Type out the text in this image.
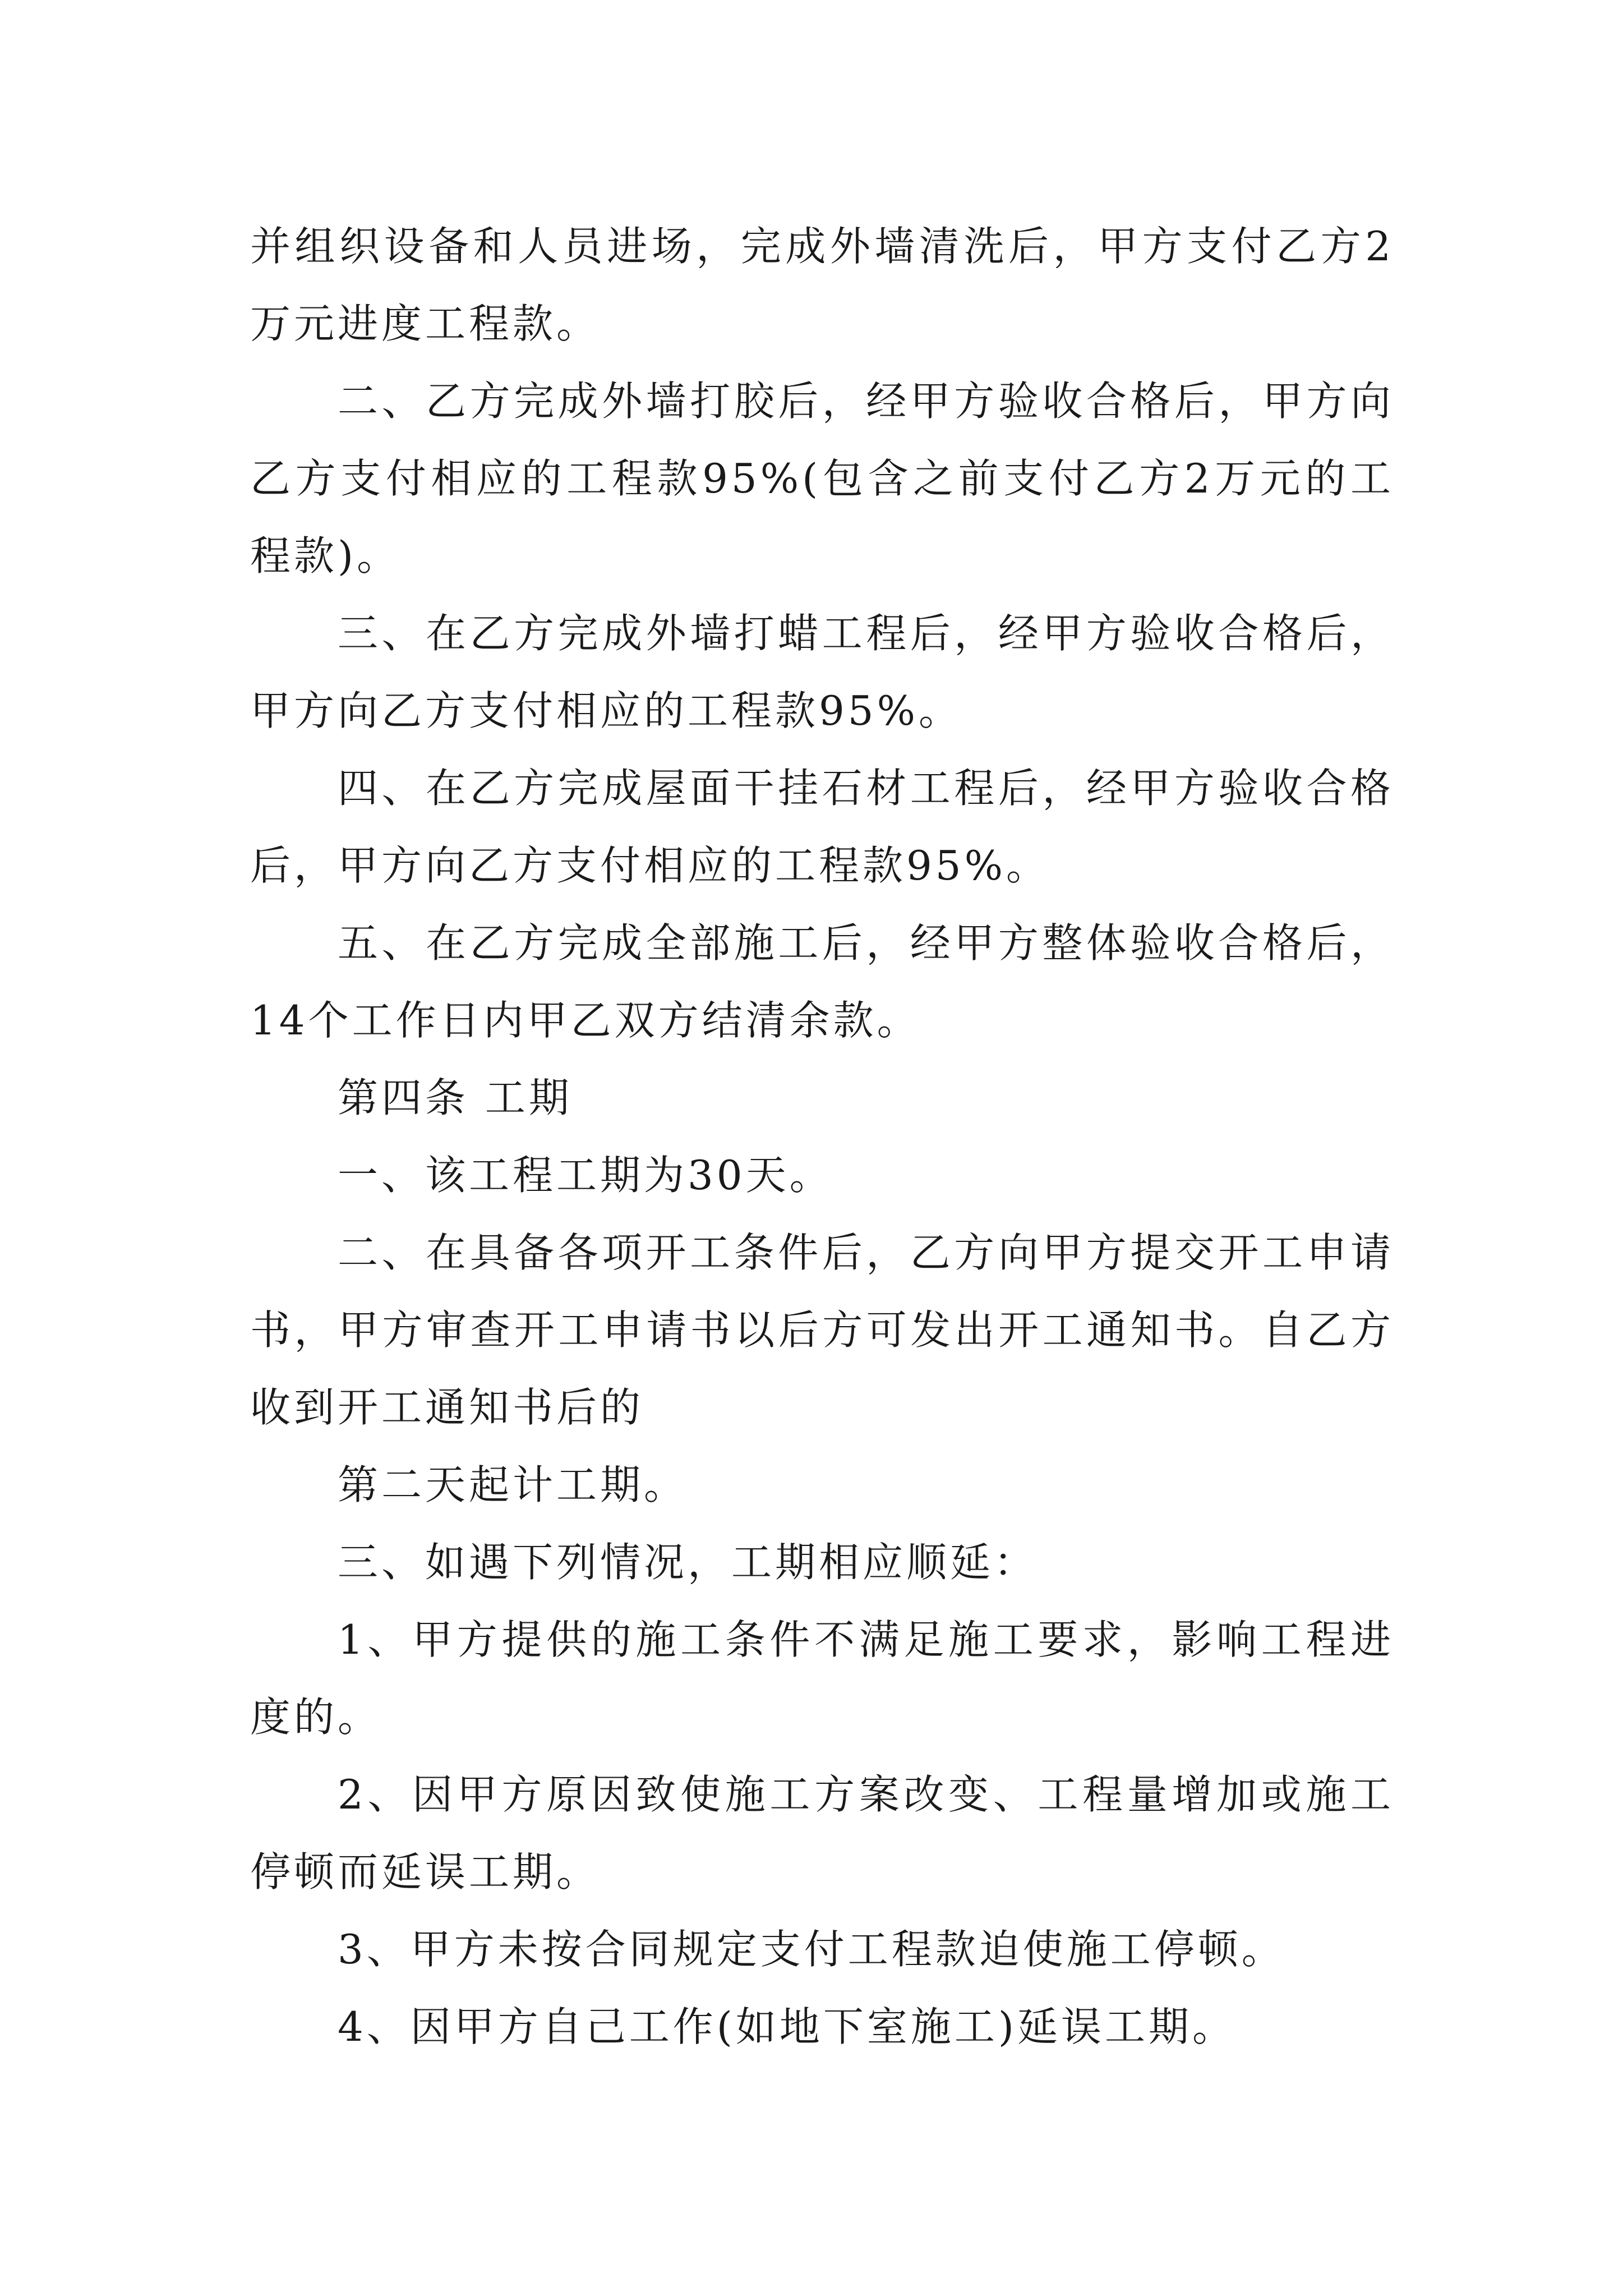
并组织设备和人员进场，完成外墙清洗后，甲方支付乙方2万元进度工程款。

二、乙方完成外墙打胶后，经甲方验收合格后，甲方向乙方支付相应的工程款95%(包含之前支付乙方2万元的工程款)。

三、在乙方完成外墙打蜡工程后，经甲方验收合格后，甲方向乙方支付相应的工程款95%。

四、在乙方完成屋面干挂石材工程后，经甲方验收合格后，甲方向乙方支付相应的工程款95%。

五、在乙方完成全部施工后，经甲方整体验收合格后，14个工作日内甲乙双方结清余款。

第四条 工期

一、该工程工期为30天。

二、在具备各项开工条件后，乙方向甲方提交开工申请书，甲方审查开工申请书以后方可发出开工通知书。自乙方收到开工通知书后的

第二天起计工期。

三、如遇下列情况，工期相应顺延：

1、甲方提供的施工条件不满足施工要求，影响工程进度的。

2、因甲方原因致使施工方案改变、工程量增加或施工停顿而延误工期。

3、甲方未按合同规定支付工程款迫使施工停顿。

4、因甲方自己工作(如地下室施工)延误工期。
